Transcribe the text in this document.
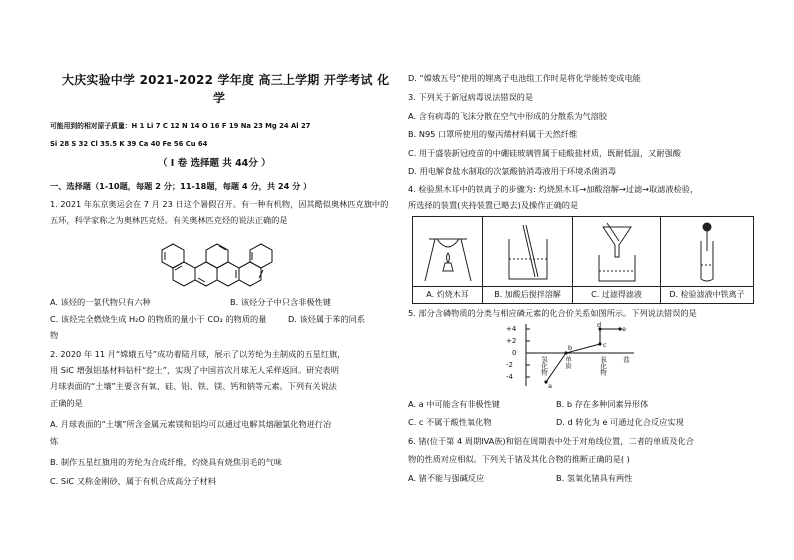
大庆实验中学 2021-2022 学年度 高三上学期 开学考试 化
学
可能用到的相对原子质量：H 1 Li 7 C 12 N 14 O 16 F 19 Na 23 Mg 24 Al 27
Si 28 S 32 Cl 35.5 K 39 Ca 40 Fe 56 Cu 64
（ I 卷 选择题 共 44分 ）
一、选择题（1-10题，每题 2 分；11-18题，每题 4 分，共 24 分 ）
1. 2021 年东京奥运会在 7 月 23 日这个暑假召开。有一种有机物，因其酷似奥林匹克旗中的
五环，科学家称之为奥林匹克烃。有关奥林匹克烃的说法正确的是
A. 该烃的一氯代物只有六种	B. 该烃分子中只含非极性键
C. 该烃完全燃烧生成 H₂O 的物质的量小于 CO₂ 的物质的量	D. 该烃属于苯的同系
物
2. 2020 年 11 月“嫦娥五号”成功着陆月球，展示了以芳纶为主制成的五星红旗，
用 SiC 增强铝基材料钻杆“挖土”，实现了中国首次月球无人采样返回。研究表明
月球表面的“土壤”主要含有氧、硅、铝、铁、镁、钙和钠等元素。下列有关说法
正确的是
A. 月球表面的“土壤”所含金属元素镁和铝均可以通过电解其熔融氯化物进行冶
炼
B. 制作五星红旗用的芳纶为合成纤维，灼烧具有烧焦羽毛的气味
C. SiC 又称金刚砂，属于有机合成高分子材料
D. “嫦娥五号”使用的锂离子电池组工作时是将化学能转变成电能
3. 下列关于新冠病毒说法错误的是
A. 含有病毒的飞沫分散在空气中形成的分散系为气溶胶
B. N95 口罩所使用的聚丙烯材料属于天然纤维
C. 用于盛装新冠疫苗的中硼硅玻璃管属于硅酸盐材质，既耐低温，又耐强酸
D. 用电解食盐水制取的次氯酸钠消毒液用于环境杀菌消毒
4. 检验黑木耳中的铁离子的步骤为: 灼烧黑木耳→加酸溶解→过滤→取滤液检验，
所选择的装置(夹持装置已略去)及操作正确的是
A. 灼烧木耳	B. 加酸后搅拌溶解	C. 过滤得滤液	D. 检验滤液中铁离子
5. 部分含磷物质的分类与相应磷元素的化合价关系如图所示。下列说法错误的是
+4
+2
0
-2
-4
a
b	c
d	e
氢化物 单质	氧化物 盐
A. a 中可能含有非极性键	B. b 存在多种同素异形体
C. c 不属于酸性氧化物	D. d 转化为 e 可通过化合反应实现
6. 锗(位于第 4 周期IVA族)和铝在周期表中处于对角线位置，二者的单质及化合
物的性质对应相似。下列关于锗及其化合物的推断正确的是( )
A. 锗不能与强碱反应	B. 氢氧化锗具有两性
